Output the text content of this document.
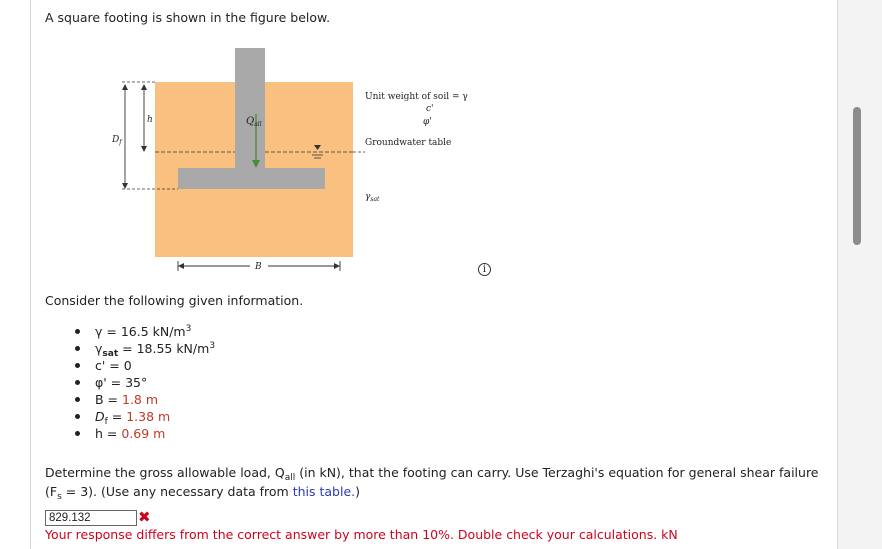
A square footing is shown in the figure below.
$Q_{all}$
h
$D_f$
B
Unit weight of soil = γ
c'
φ'
Groundwater table
$\gamma_{sat}$
i
Consider the following given information.
γ = 16.5 $kN/m^3$
$\gamma_{sat} = 18.55$ $kN/m^3$
c' = 0
φ' = 35°
B = 1.8 m
$D_f = 1.38$ m
h = 0.69 m
Determine the gross allowable load, $Q_{all}$ (in kN), that the footing can carry. Use Terzaghi's equation for general shear failure
$(F_s = 3)$. (Use any necessary data from this table.)
829.132
✖
Your response differs from the correct answer by more than 10%. Double check your calculations. kN
